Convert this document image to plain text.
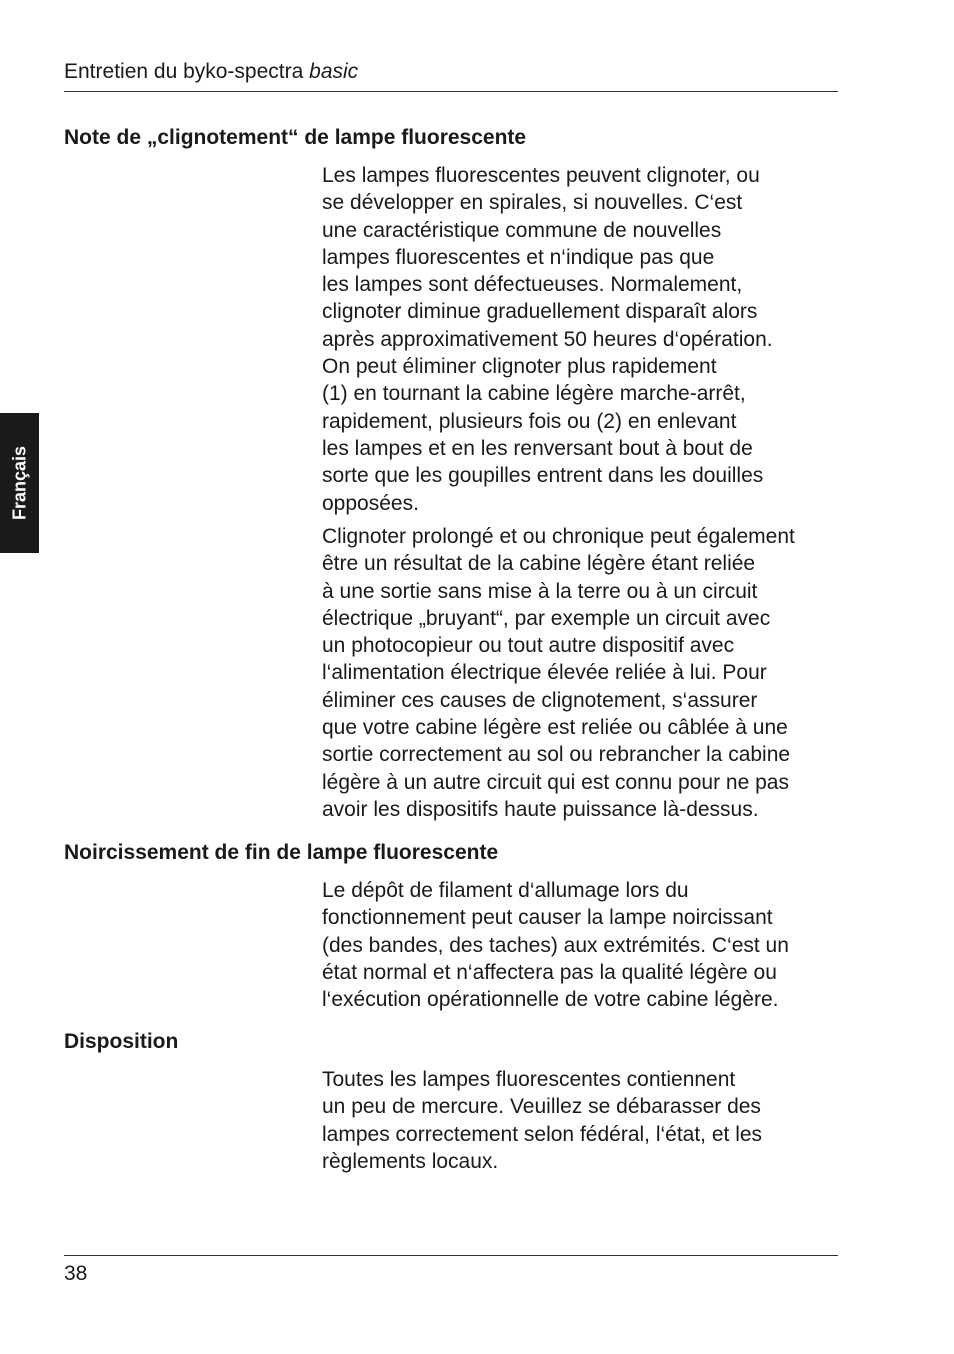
Entretien du byko-spectra basic
Français
Note de „clignotement“ de lampe fluorescente
Les lampes fluorescentes peuvent clignoter, ou
se développer en spirales, si nouvelles. C‘est
une caractéristique commune de nouvelles
lampes fluorescentes et n‘indique pas que
les lampes sont défectueuses. Normalement,
clignoter diminue graduellement disparaît alors
après approximativement 50 heures d‘opération.
On peut éliminer clignoter plus rapidement
(1) en tournant la cabine légère marche-arrêt,
rapidement, plusieurs fois ou (2) en enlevant
les lampes et en les renversant bout à bout de
sorte que les goupilles entrent dans les douilles
opposées.
Clignoter prolongé et ou chronique peut également
être un résultat de la cabine légère étant reliée
à une sortie sans mise à la terre ou à un circuit
électrique „bruyant“, par exemple un circuit avec
un photocopieur ou tout autre dispositif avec
l‘alimentation électrique élevée reliée à lui. Pour
éliminer ces causes de clignotement, s‘assurer
que votre cabine légère est reliée ou câblée à une
sortie correctement au sol ou rebrancher la cabine
légère à un autre circuit qui est connu pour ne pas
avoir les dispositifs haute puissance là-dessus.
Noircissement de fin de lampe fluorescente
Le dépôt de filament d‘allumage lors du
fonctionnement peut causer la lampe noircissant
(des bandes, des taches) aux extrémités. C‘est un
état normal et n‘affectera pas la qualité légère ou
l‘exécution opérationnelle de votre cabine légère.
Disposition
Toutes les lampes fluorescentes contiennent
un peu de mercure. Veuillez se débarasser des
lampes correctement selon fédéral, l‘état, et les
règlements locaux.
38
